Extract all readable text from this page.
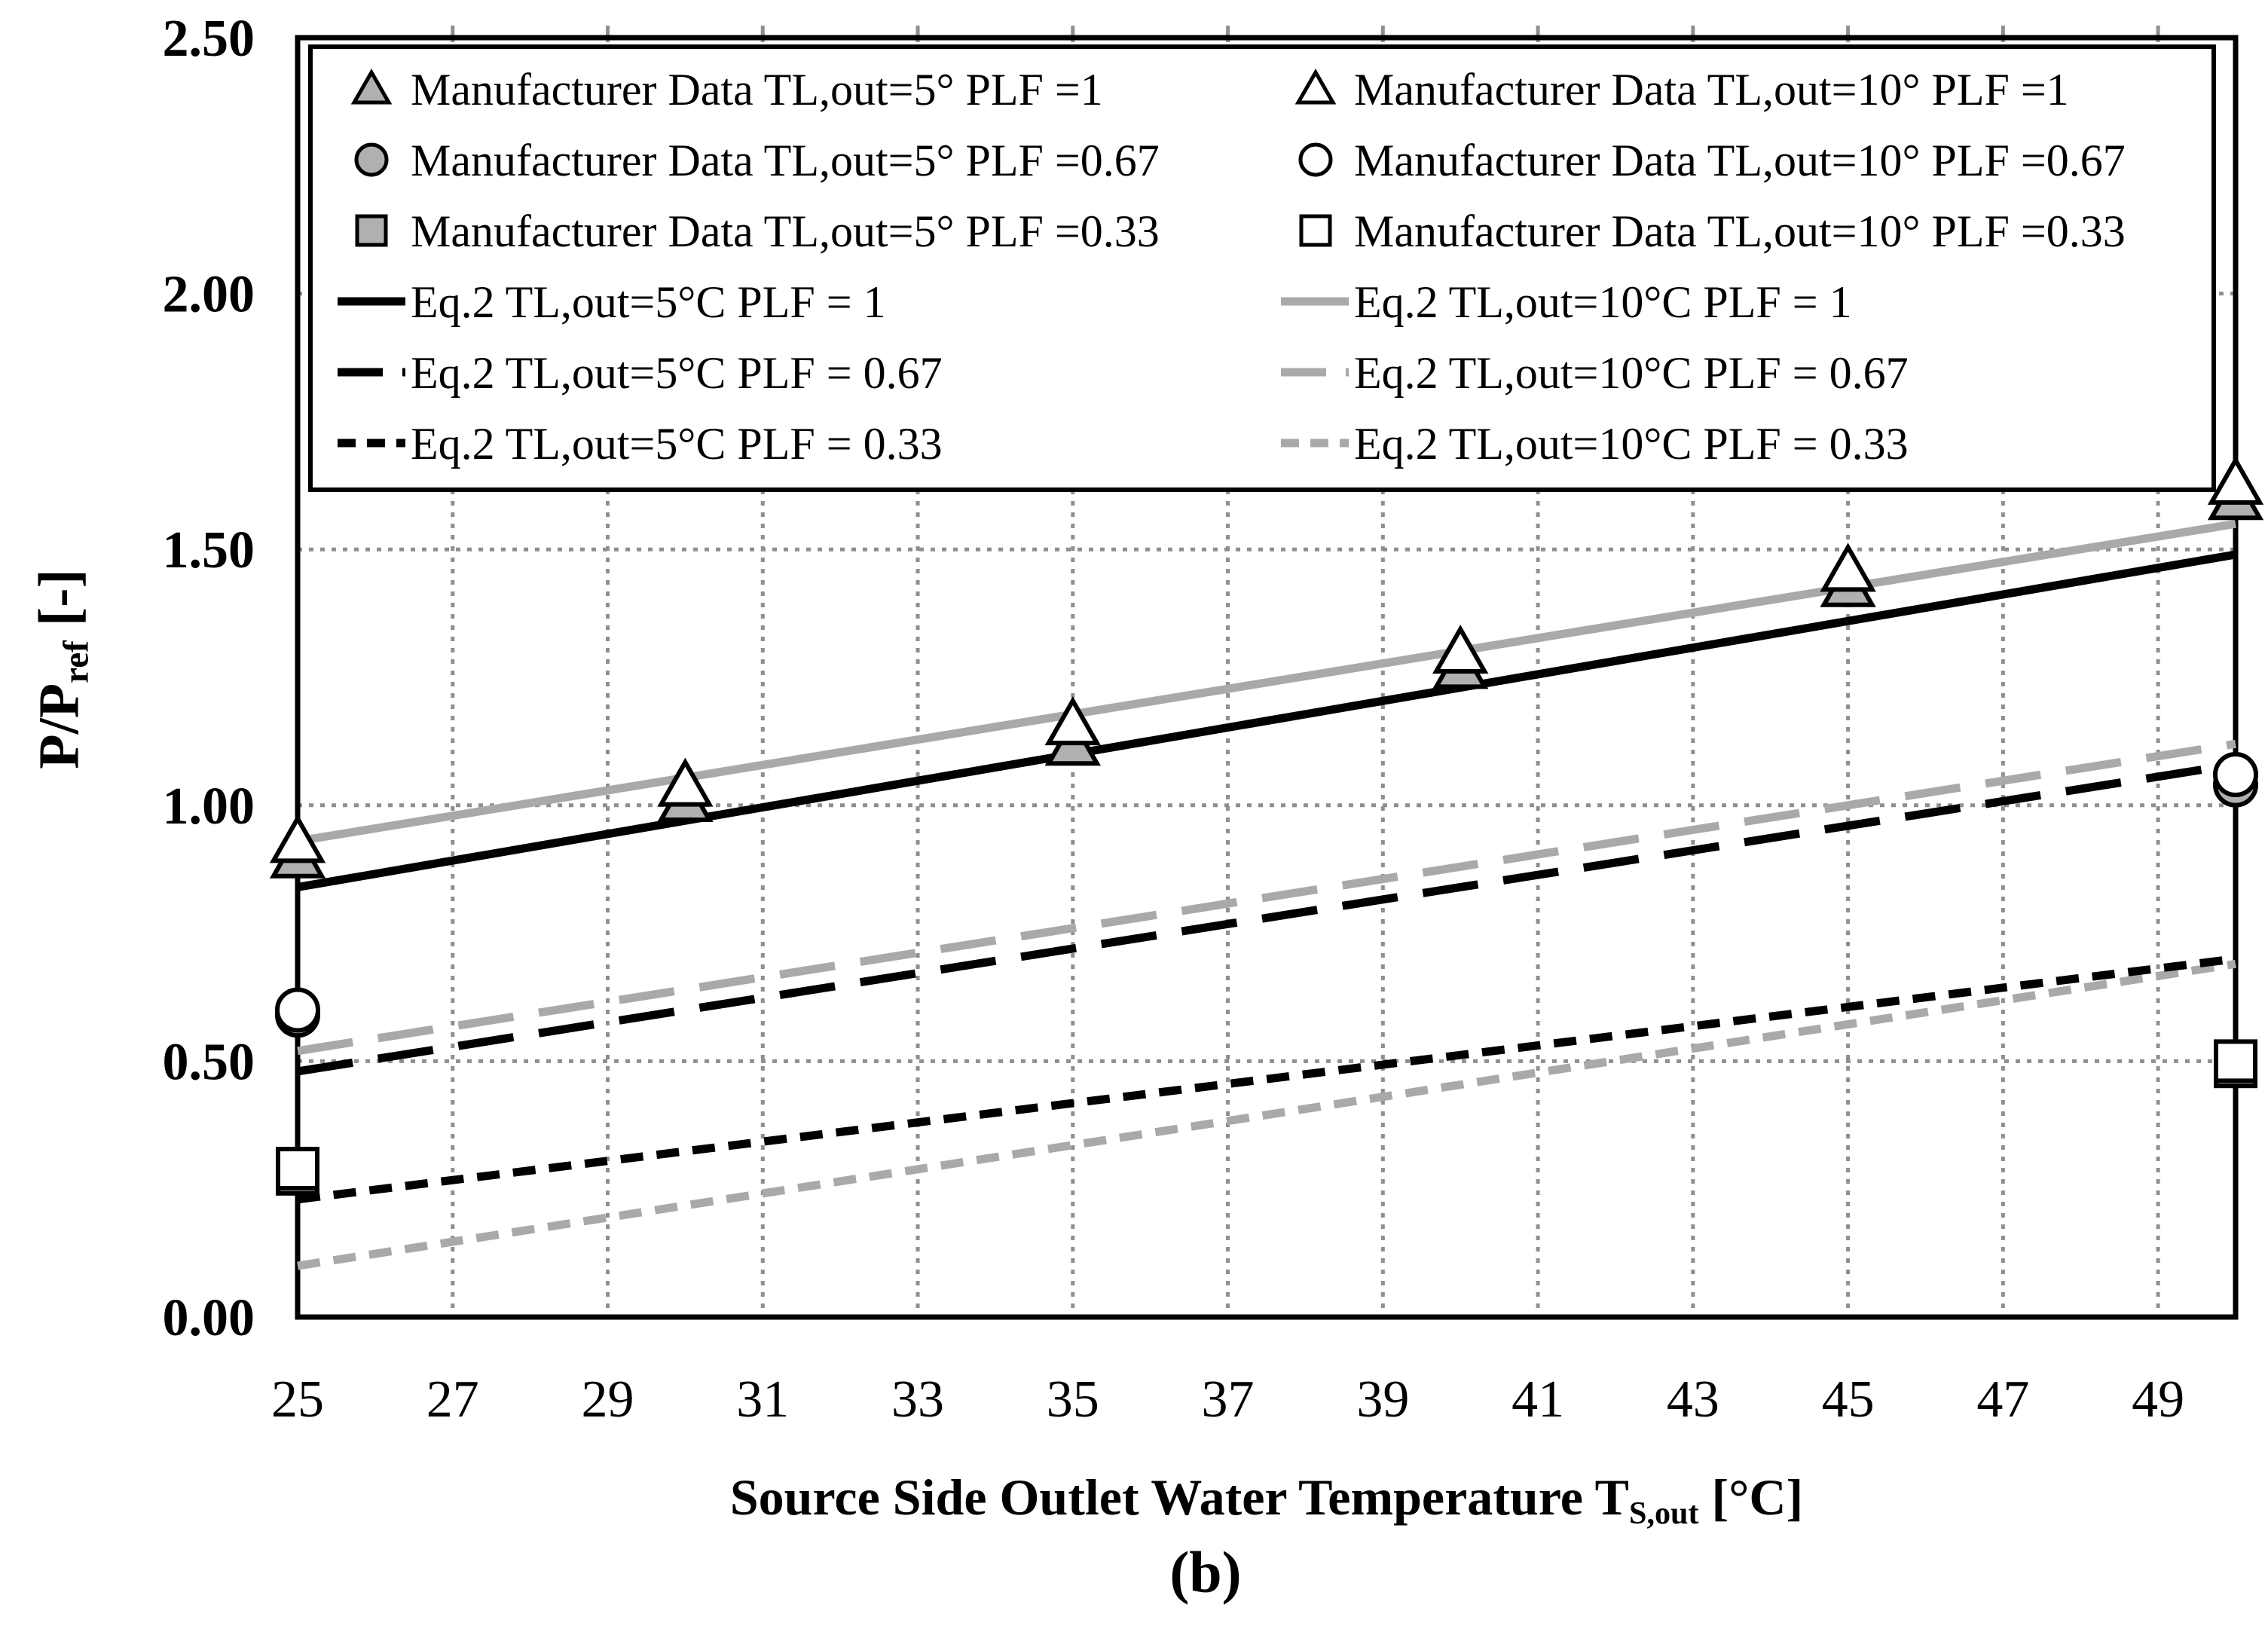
2.50
2.00
1.50
1.00
0.50
0.00
25 27 29 31 33 35 37 39 41 43 45 47 49
Manufacturer Data TL,out=5° PLF =1
Manufacturer Data TL,out=5° PLF =0.67
Manufacturer Data TL,out=5° PLF =0.33
Eq.2 TL,out=5°C PLF = 1
Eq.2 TL,out=5°C PLF = 0.67
Eq.2 TL,out=5°C PLF = 0.33
Manufacturer Data TL,out=10° PLF =1
Manufacturer Data TL,out=10° PLF =0.67
Manufacturer Data TL,out=10° PLF =0.33
Eq.2 TL,out=10°C PLF = 1
Eq.2 TL,out=10°C PLF = 0.67
Eq.2 TL,out=10°C PLF = 0.33
$P/P_{ref}$ [-]
Source Side Outlet Water Temperature $T_{S,out}$ [°C]
(b)
